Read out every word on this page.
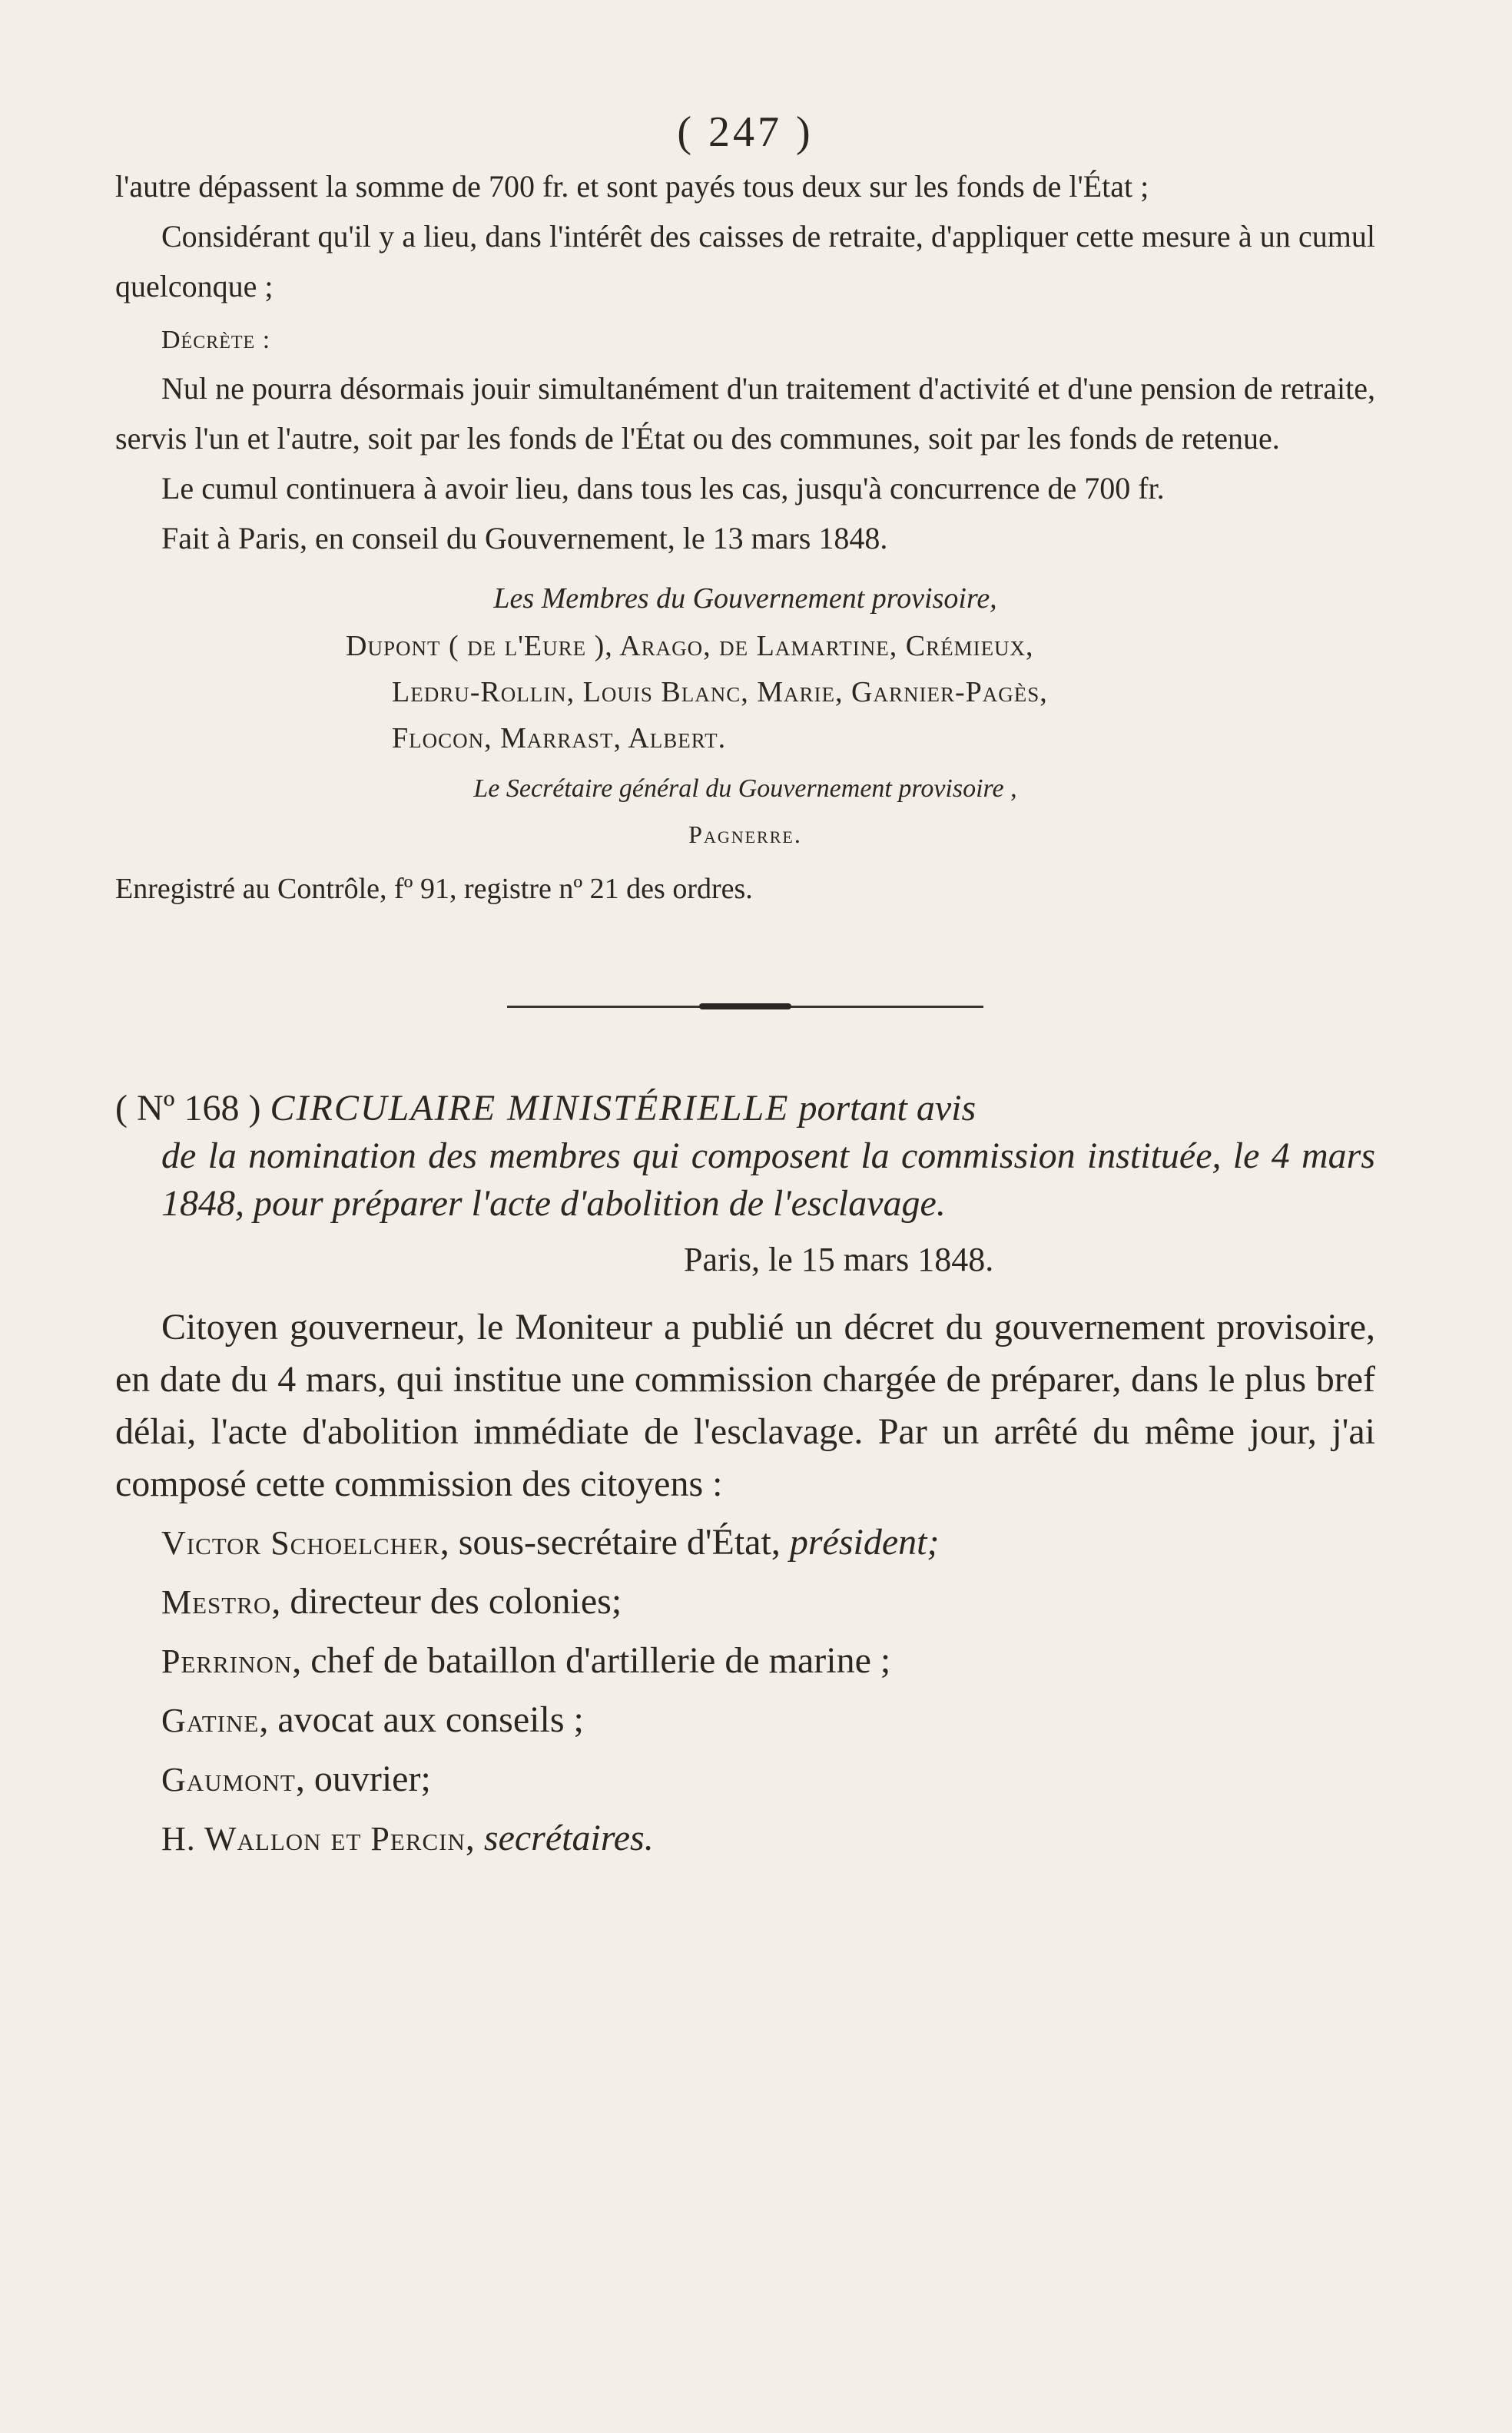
( 247 )

l'autre dépassent la somme de 700 fr. et sont payés tous deux sur les fonds de l'État ;

Considérant qu'il y a lieu, dans l'intérêt des caisses de retraite, d'appliquer cette mesure à un cumul quelconque ;

Décrète :

Nul ne pourra désormais jouir simultanément d'un traitement d'activité et d'une pension de retraite, servis l'un et l'autre, soit par les fonds de l'État ou des communes, soit par les fonds de retenue.

Le cumul continuera à avoir lieu, dans tous les cas, jusqu'à concurrence de 700 fr.

Fait à Paris, en conseil du Gouvernement, le 13 mars 1848.

Les Membres du Gouvernement provisoire,
Dupont ( de l'Eure ), Arago, de Lamartine, Crémieux,
Ledru-Rollin, Louis Blanc, Marie, Garnier-Pagès,
Flocon, Marrast, Albert.
Le Secrétaire général du Gouvernement provisoire ,
Pagnerre.
Enregistré au Contrôle, fº 91, registre nº 21 des ordres.

( Nº 168 ) CIRCULAIRE MINISTÉRIELLE portant avis

de la nomination des membres qui composent la commission instituée, le 4 mars 1848, pour préparer l'acte d'abolition de l'esclavage.

Paris, le 15 mars 1848.

Citoyen gouverneur, le Moniteur a publié un décret du gouvernement provisoire, en date du 4 mars, qui institue une commission chargée de préparer, dans le plus bref délai, l'acte d'abolition immédiate de l'esclavage. Par un arrêté du même jour, j'ai composé cette commission des citoyens :

Victor Schoelcher, sous-secrétaire d'État, président;
Mestro, directeur des colonies;
Perrinon, chef de bataillon d'artillerie de marine ;
Gatine, avocat aux conseils ;
Gaumont, ouvrier;
H. Wallon et Percin, secrétaires.
